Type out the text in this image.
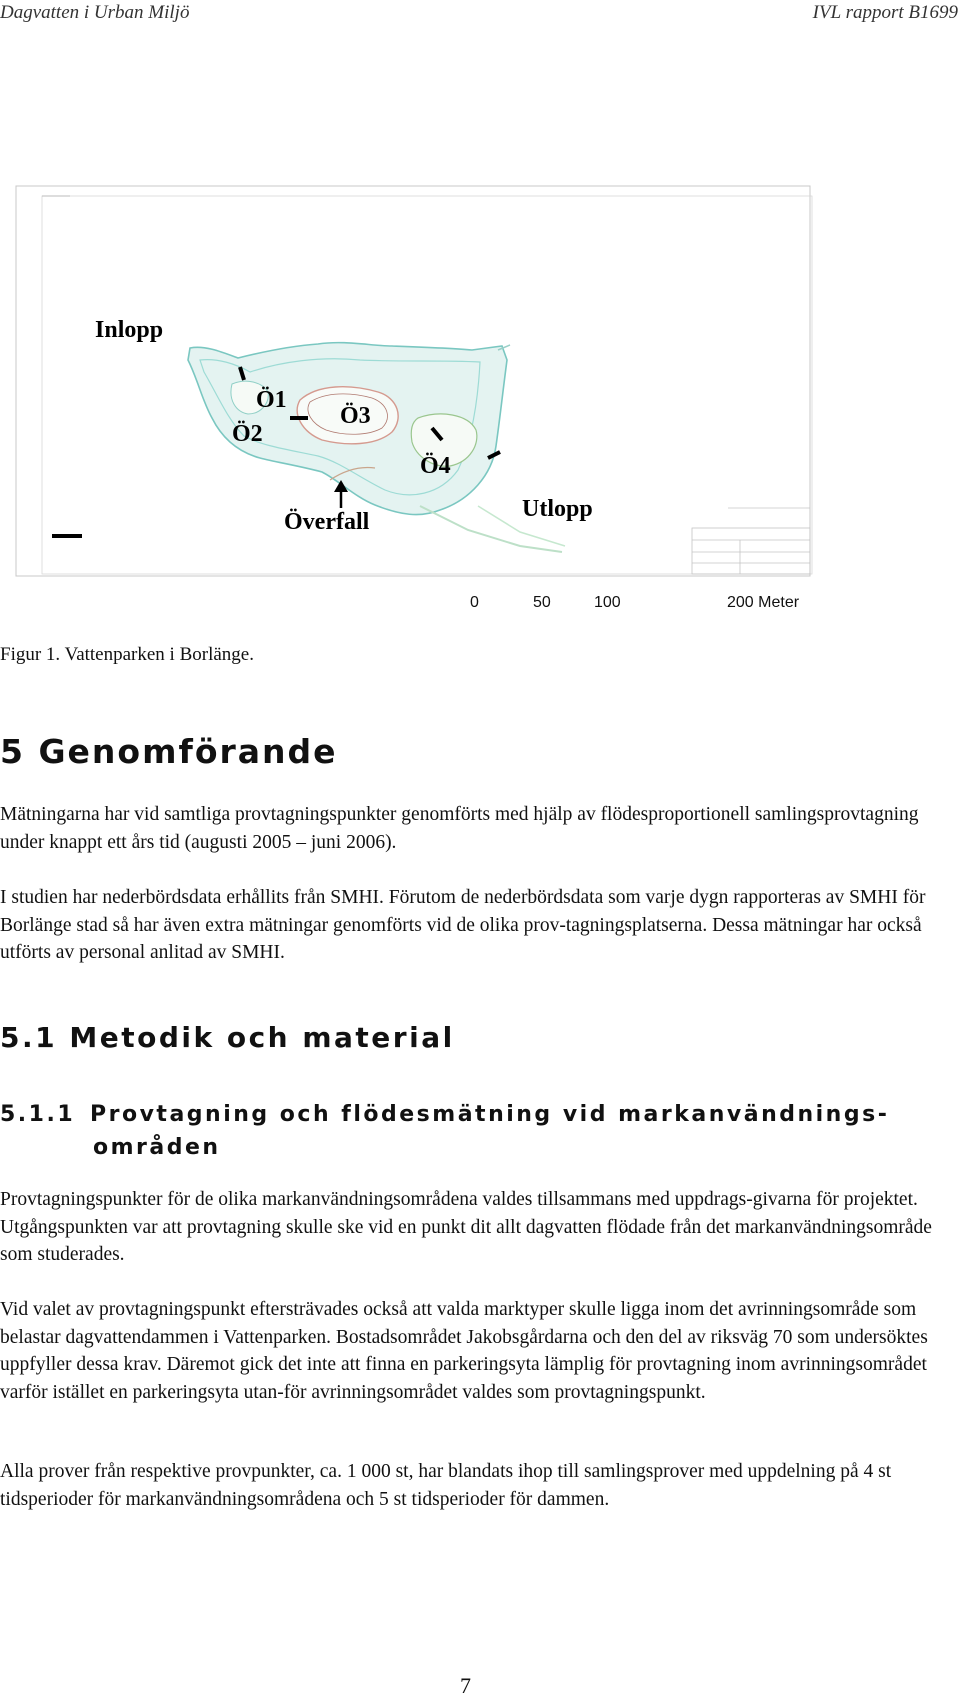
Dagvatten i Urban Miljö	IVL rapport B1699
Inlopp
Ö1
Ö2
Ö3
Ö4
Överfall	Utlopp
0	50	100	200 Meter
Figur 1. Vattenparken i Borlänge.
5 Genomförande

Mätningarna har vid samtliga provtagningspunkter genomförts med hjälp av flödesproportionell samlingsprovtagning under knappt ett års tid (augusti 2005 – juni 2006).

I studien har nederbördsdata erhållits från SMHI. Förutom de nederbördsdata som varje dygn rapporteras av SMHI för Borlänge stad så har även extra mätningar genomförts vid de olika prov-tagningsplatserna. Dessa mätningar har också utförts av personal anlitad av SMHI.

5.1 Metodik och material
5.1.1 Provtagning och flödesmätning vid markanvändnings-
områden

Provtagningspunkter för de olika markanvändningsområdena valdes tillsammans med uppdrags-givarna för projektet. Utgångspunkten var att provtagning skulle ske vid en punkt dit allt dagvatten flödade från det markanvändningsområde som studerades.

Vid valet av provtagningspunkt eftersträvades också att valda marktyper skulle ligga inom det avrinningsområde som belastar dagvattendammen i Vattenparken. Bostadsområdet Jakobsgårdarna och den del av riksväg 70 som undersöktes uppfyller dessa krav. Däremot gick det inte att finna en parkeringsyta lämplig för provtagning inom avrinningsområdet varför istället en parkeringsyta utan-för avrinningsområdet valdes som provtagningspunkt.

Alla prover från respektive provpunkter, ca. 1 000 st, har blandats ihop till samlingsprover med uppdelning på 4 st tidsperioder för markanvändningsområdena och 5 st tidsperioder för dammen.

7
